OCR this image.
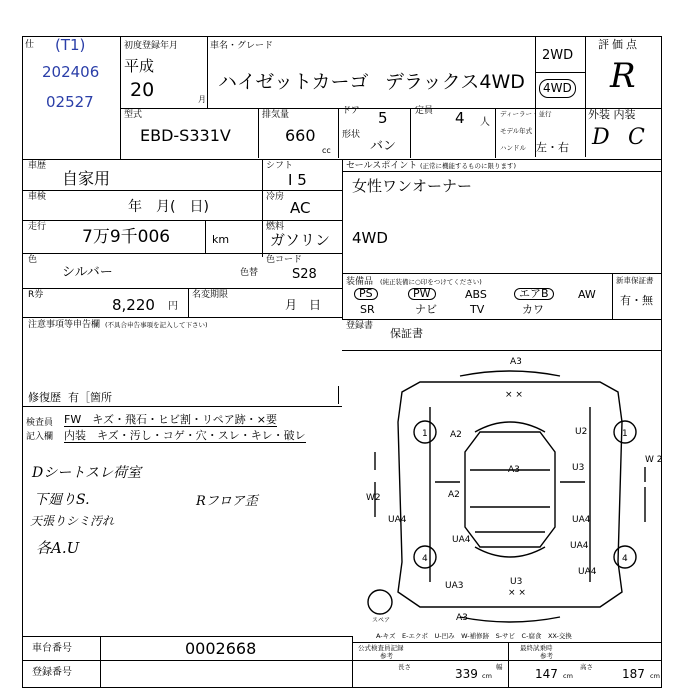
仕 (T1)
202406
02527
初度登録年月
平成
20	月
車名・グレード
ハイゼットカーゴ デラックス4WD
2WD
4WD
評価点
R
型式
EBD-S331V
排気量
660
cc
ドア 5	定員 4 人
ディーラー・並行
形状
バン
モデル年式
ハンドル 左・右
外装 内装
D C
車歴
自家用
車検
年　月(　日)
走行 7万9千006	km
色
シルバー	色替	S28
R券
8,220 円
名変期限
月　日
シフト
I 5
冷房
AC
燃料
ガソリン
色コード
注意事項等申告欄 (不具合申告事項を記入して下さい)
修復歴 有［箇所
セールスポイント (正常に機能するものに限ります)
女性ワンオーナー
4WD
装備品 (純正装備に○印をつけてください)
PS	PW	ABS	エアB	AW
SR	ナビ	TV	カワ
新車保証書
有・無
登録書
保証書
検査員
記入欄
FW　キズ・飛石・ヒビ割・リペア跡・×要
内装　キズ・汚し・コゲ・穴・スレ・キレ・破レ
Dシートスレ荷室
下廻りS.
天張りシミ汚れ
各A.U
Rフロア歪
A3
× ×
A2	U2
A3	U3
A2
UA4
UA4
UA4
UA4
UA4
UA3	U3
× ×
A3
W2
W 2
1	1
4	4
スペア
A-キズ　E-エクボ　U-凹み　W-補修跡　S-サビ　C-腐食　XX-交換
車台番号	0002668
登録番号
公式検査員記録
参考
最終試乗時
参考
長さ	339 cm
幅	147 cm
高さ 187 cm
